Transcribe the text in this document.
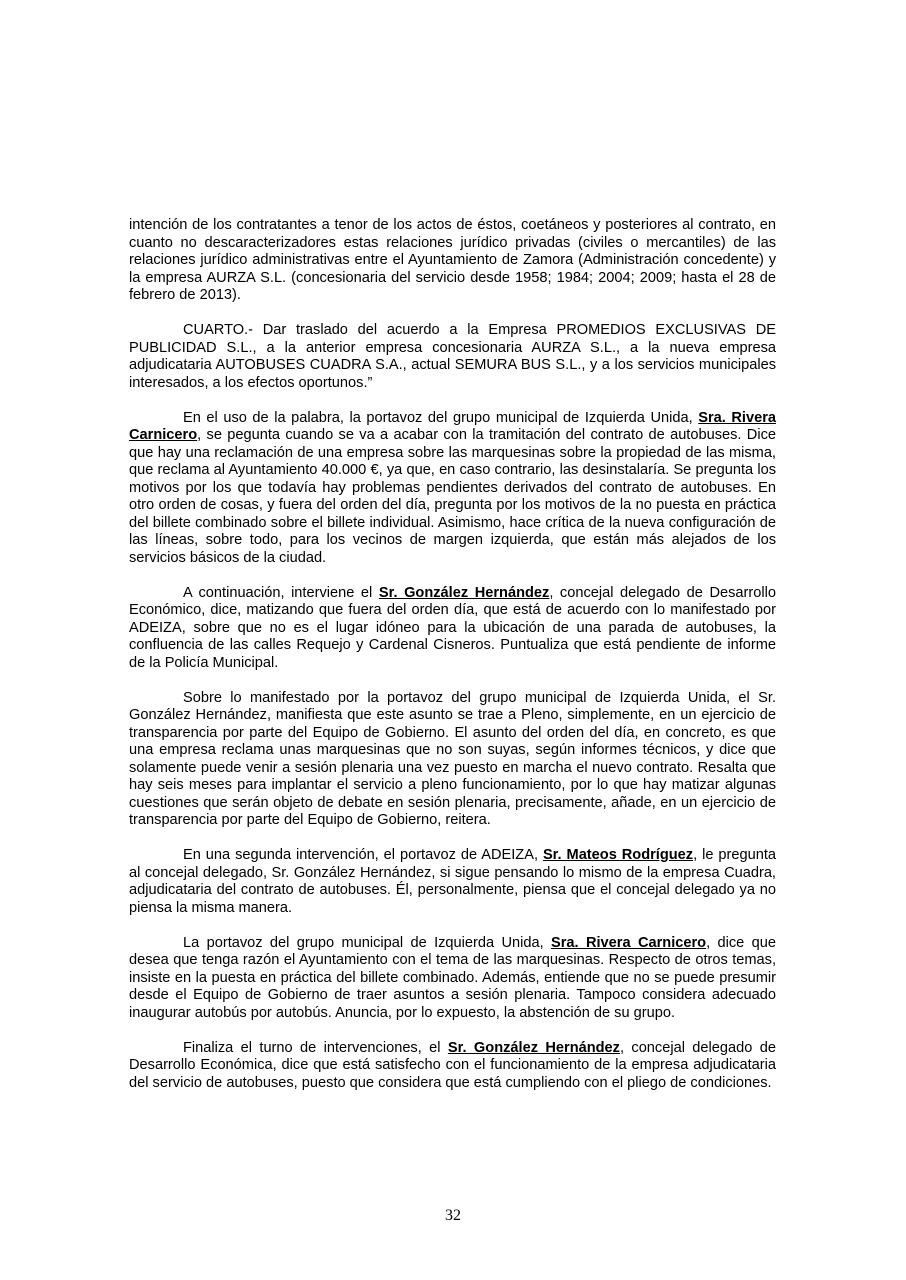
intención de los contratantes a tenor de los actos de éstos, coetáneos y posteriores al contrato, en cuanto no descaracterizadores estas relaciones jurídico privadas (civiles o mercantiles) de las relaciones jurídico administrativas entre el Ayuntamiento de Zamora (Administración concedente) y la empresa AURZA S.L. (concesionaria del servicio desde 1958; 1984; 2004; 2009; hasta el 28 de febrero de 2013).

CUARTO.- Dar traslado del acuerdo a la Empresa PROMEDIOS EXCLUSIVAS DE PUBLICIDAD S.L., a la anterior empresa concesionaria AURZA S.L., a la nueva empresa adjudicataria AUTOBUSES CUADRA S.A., actual SEMURA BUS S.L., y a los servicios municipales interesados, a los efectos oportunos.”

En el uso de la palabra, la portavoz del grupo municipal de Izquierda Unida, Sra. Rivera Carnicero, se pegunta cuando se va a acabar con la tramitación del contrato de autobuses. Dice que hay una reclamación de una empresa sobre las marquesinas sobre la propiedad de las misma, que reclama al Ayuntamiento 40.000 €, ya que, en caso contrario, las desinstalaría. Se pregunta los motivos por los que todavía hay problemas pendientes derivados del contrato de autobuses. En otro orden de cosas, y fuera del orden del día, pregunta por los motivos de la no puesta en práctica del billete combinado sobre el billete individual. Asimismo, hace crítica de la nueva configuración de las líneas, sobre todo, para los vecinos de margen izquierda, que están más alejados de los servicios básicos de la ciudad.

A continuación, interviene el Sr. González Hernández, concejal delegado de Desarrollo Económico, dice, matizando que fuera del orden día, que está de acuerdo con lo manifestado por ADEIZA, sobre que no es el lugar idóneo para la ubicación de una parada de autobuses, la confluencia de las calles Requejo y Cardenal Cisneros. Puntualiza que está pendiente de informe de la Policía Municipal.

Sobre lo manifestado por la portavoz del grupo municipal de Izquierda Unida, el Sr. González Hernández, manifiesta que este asunto se trae a Pleno, simplemente, en un ejercicio de transparencia por parte del Equipo de Gobierno. El asunto del orden del día, en concreto, es que una empresa reclama unas marquesinas que no son suyas, según informes técnicos, y dice que solamente puede venir a sesión plenaria una vez puesto en marcha el nuevo contrato. Resalta que hay seis meses para implantar el servicio a pleno funcionamiento, por lo que hay matizar algunas cuestiones que serán objeto de debate en sesión plenaria, precisamente, añade, en un ejercicio de transparencia por parte del Equipo de Gobierno, reitera.

En una segunda intervención, el portavoz de ADEIZA, Sr. Mateos Rodríguez, le pregunta al concejal delegado, Sr. González Hernández, si sigue pensando lo mismo de la empresa Cuadra, adjudicataria del contrato de autobuses. Él, personalmente, piensa que el concejal delegado ya no piensa la misma manera.

La portavoz del grupo municipal de Izquierda Unida, Sra. Rivera Carnicero, dice que desea que tenga razón el Ayuntamiento con el tema de las marquesinas. Respecto de otros temas, insiste en la puesta en práctica del billete combinado. Además, entiende que no se puede presumir desde el Equipo de Gobierno de traer asuntos a sesión plenaria. Tampoco considera adecuado inaugurar autobús por autobús. Anuncia, por lo expuesto, la abstención de su grupo.

Finaliza el turno de intervenciones, el Sr. González Hernández, concejal delegado de Desarrollo Económica, dice que está satisfecho con el funcionamiento de la empresa adjudicataria del servicio de autobuses, puesto que considera que está cumpliendo con el pliego de condiciones.

32
